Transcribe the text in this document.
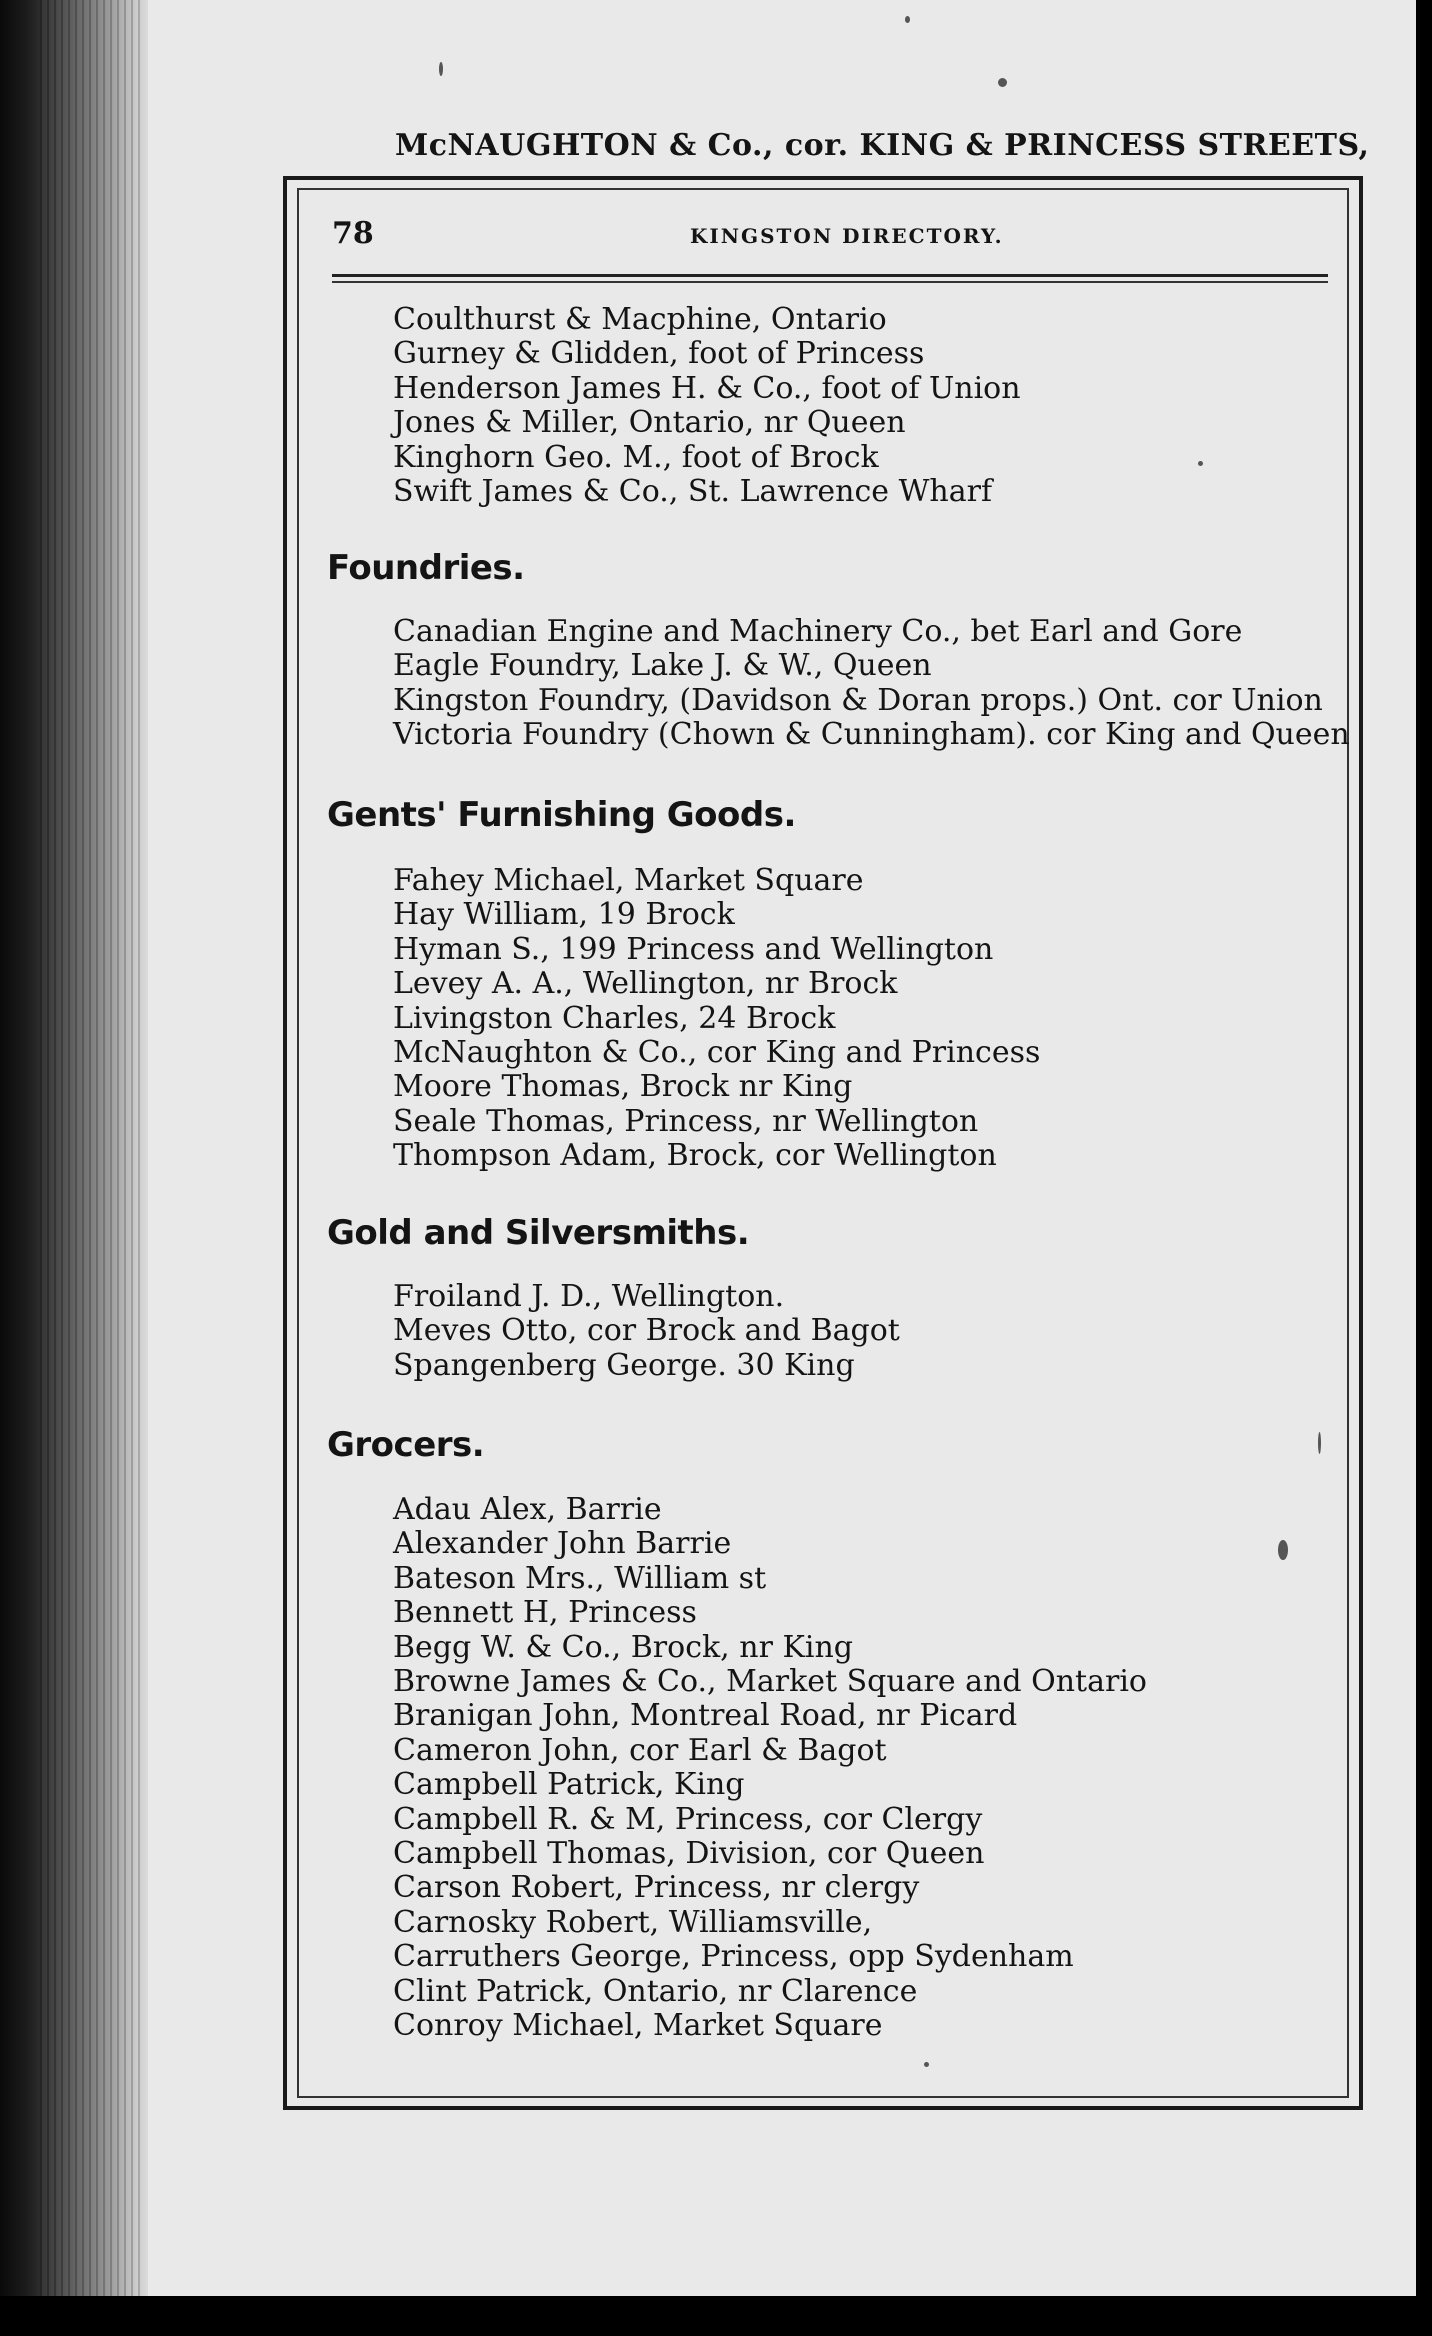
McNAUGHTON & Co., cor. KING & PRINCESS STREETS,
78	KINGSTON DIRECTORY.
Coulthurst & Macphine, Ontario
Gurney & Glidden, foot of Princess
Henderson James H. & Co., foot of Union
Jones & Miller, Ontario, nr Queen
Kinghorn Geo. M., foot of Brock
Swift James & Co., St. Lawrence Wharf
Foundries.
Canadian Engine and Machinery Co., bet Earl and Gore
Eagle Foundry, Lake J. & W., Queen
Kingston Foundry, (Davidson & Doran props.) Ont. cor Union
Victoria Foundry (Chown & Cunningham). cor King and Queen
Gents' Furnishing Goods.
Fahey Michael, Market Square
Hay William, 19 Brock
Hyman S., 199 Princess and Wellington
Levey A. A., Wellington, nr Brock
Livingston Charles, 24 Brock
McNaughton & Co., cor King and Princess
Moore Thomas, Brock nr King
Seale Thomas, Princess, nr Wellington
Thompson Adam, Brock, cor Wellington
Gold and Silversmiths.
Froiland J. D., Wellington.
Meves Otto, cor Brock and Bagot
Spangenberg George. 30 King
Grocers.
Adau Alex, Barrie
Alexander John Barrie
Bateson Mrs., William st
Bennett H, Princess
Begg W. & Co., Brock, nr King
Browne James & Co., Market Square and Ontario
Branigan John, Montreal Road, nr Picard
Cameron John, cor Earl & Bagot
Campbell Patrick, King
Campbell R. & M, Princess, cor Clergy
Campbell Thomas, Division, cor Queen
Carson Robert, Princess, nr clergy
Carnosky Robert, Williamsville,
Carruthers George, Princess, opp Sydenham
Clint Patrick, Ontario, nr Clarence
Conroy Michael, Market Square
